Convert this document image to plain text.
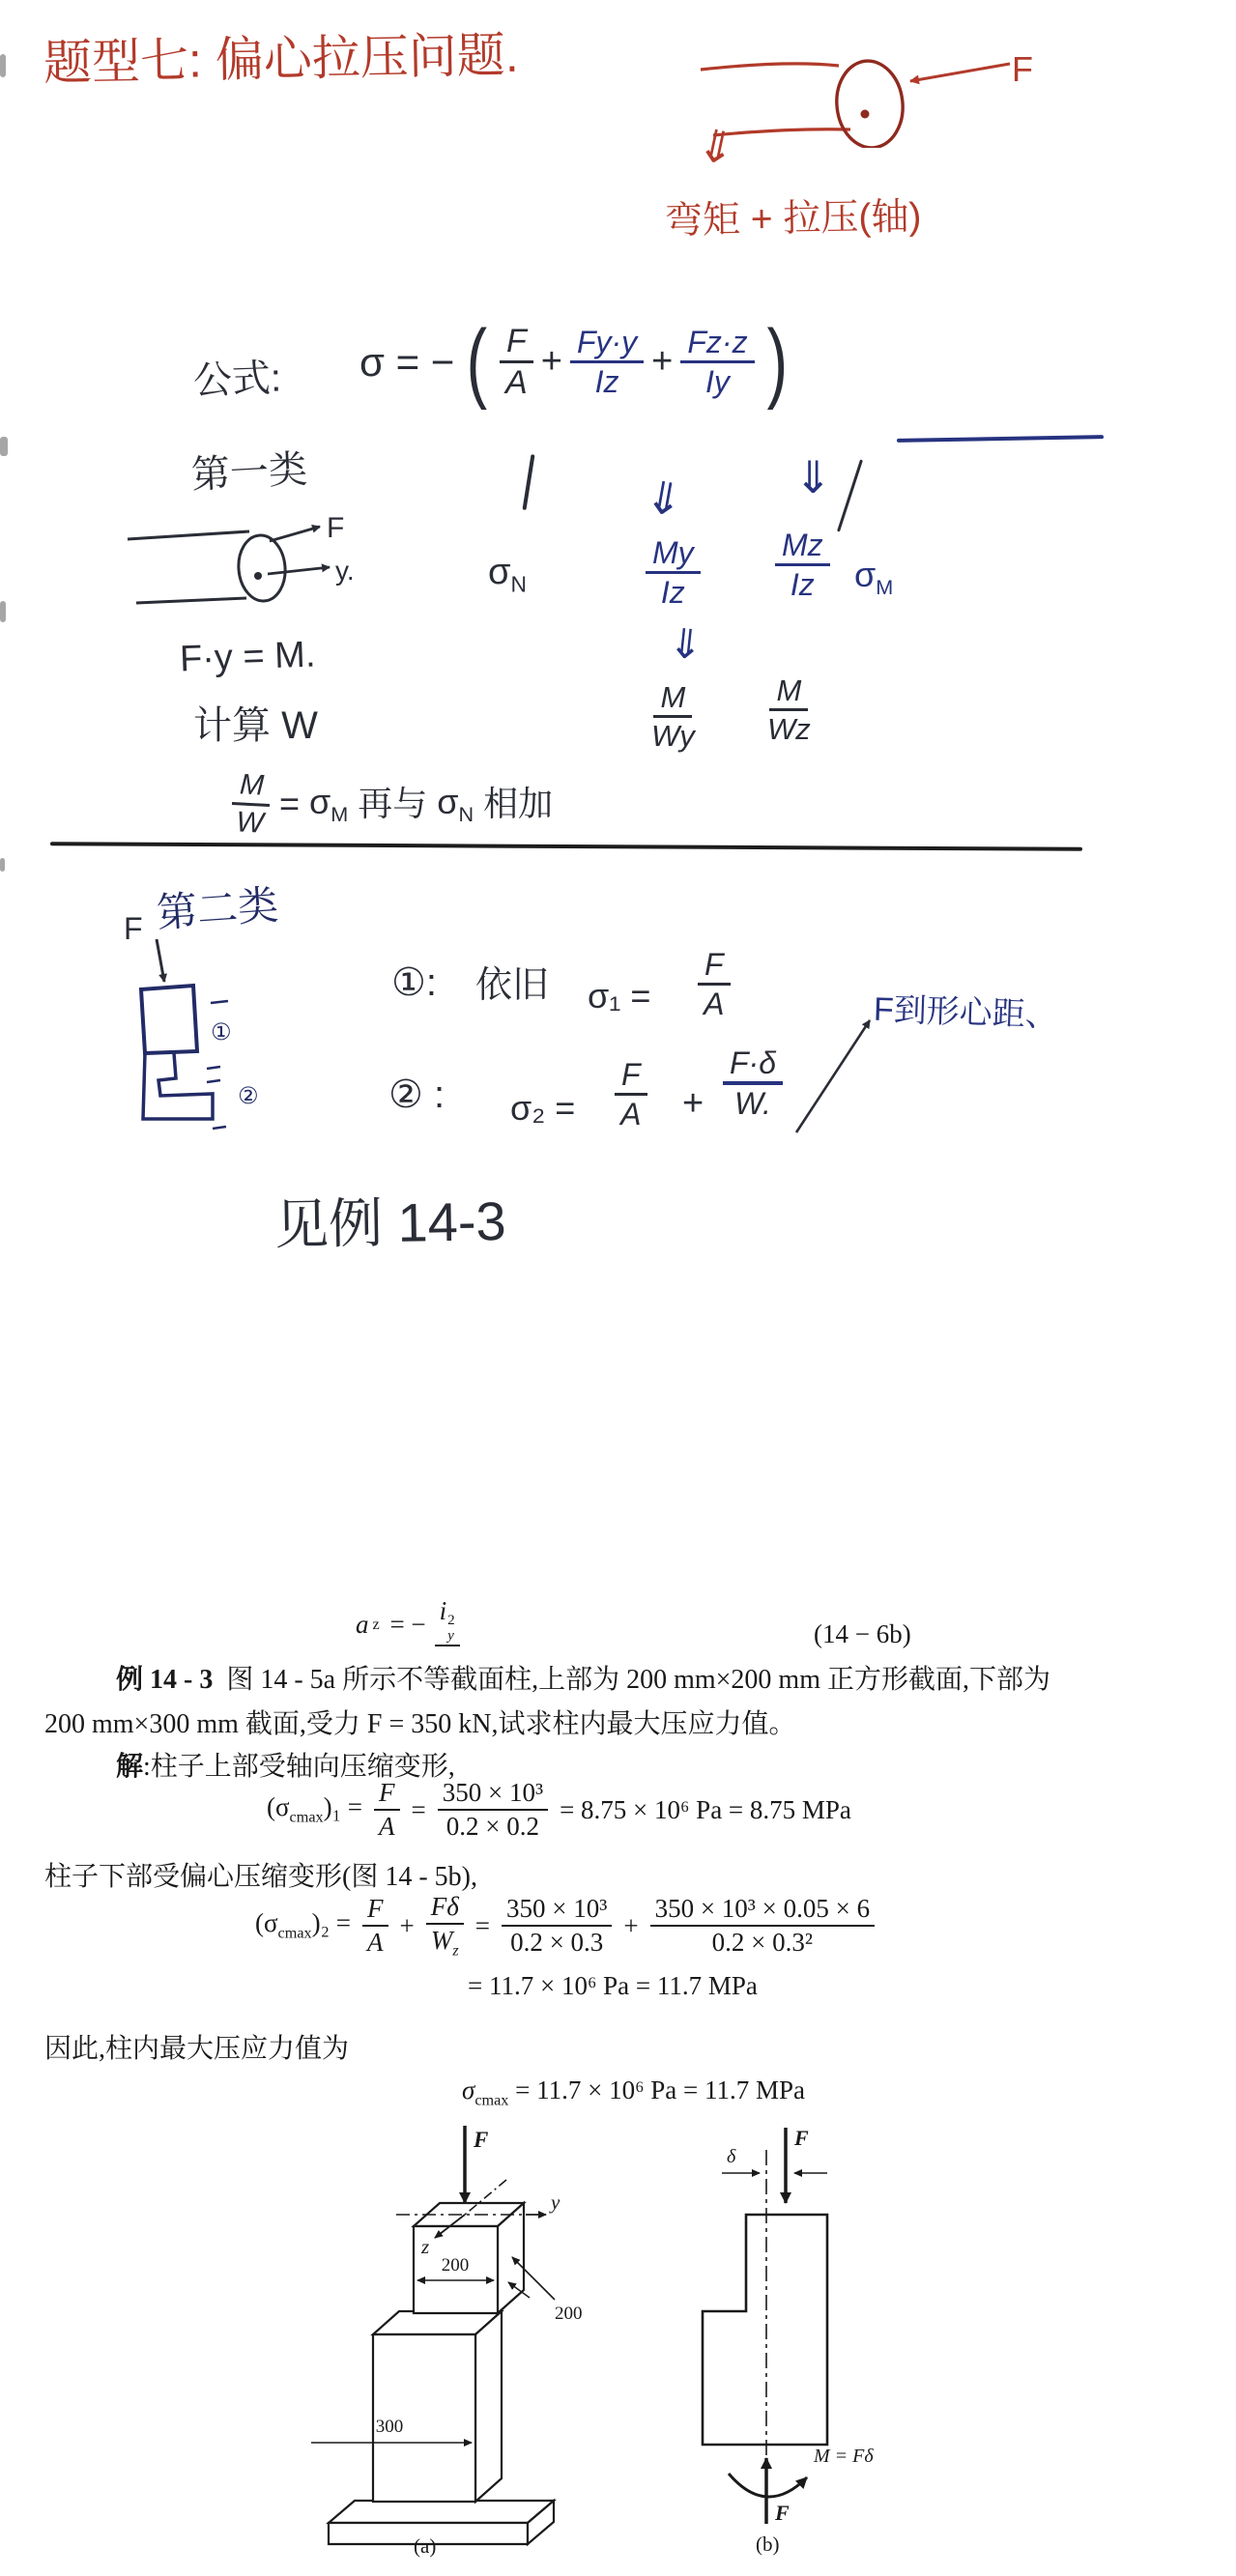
题型七: 偏心拉压问题.	F
⇓
弯矩 + 拉压(轴)
公式: σ = − ( F
A
+ $\frac{Fy\cdot y}{Iz} + \frac{Fz\cdot z}{Iy}$ )
第一类
F
y.	$\sigma_N$
⇓ ⇓
My
Iz
Mz
Iz $\sigma_M$
F·y = M.	⇓
计算 W
M
Wy
M
Wz
$\frac{M}{W} = \sigma_M$ 再与 $\sigma_N$ 相加
第二类
F
①
②
①: 依旧 σ₁ =
F
A	F到形心距、
② : σ₂ =
F
A +
F·δ
W.
见例 14-3
a z = − i 2
y	(14 − 6b)
例 14 - 3  图 14 - 5a 所示不等截面柱,上部为 200 mm×200 mm 正方形截面,下部为
200 mm×300 mm 截面,受力 F = 350 kN,试求柱内最大压应力值。
解:柱子上部受轴向压缩变形,
$(\sigma_{cmax})_1 = \frac{F}{A} = \frac{\text{350 × 10³}}{0.2 \times 0.2} = 8.75 \times 10^6$ Pa = 8.75 MPa
柱子下部受偏心压缩变形(图 14 - 5b),
$(\sigma_{cmax})_2 = \frac{F}{A} + \frac{F\delta}{W_z} = \frac{\text{350 × 10³}}{0.2 \times 0.3} + \frac{\text{350 × 10³ × 0.05 × 6}}{\text{0.2 × 0.3²}}$
= 11.7 × 10⁶ Pa = 11.7 MPa
因此,柱内最大压应力值为
$\sigma_{cmax} = 11.7 \times 10^6$ Pa = 11.7 MPa
y
z
F
200
200
300
(a)
δ
F
F
M = Fδ
(b)
